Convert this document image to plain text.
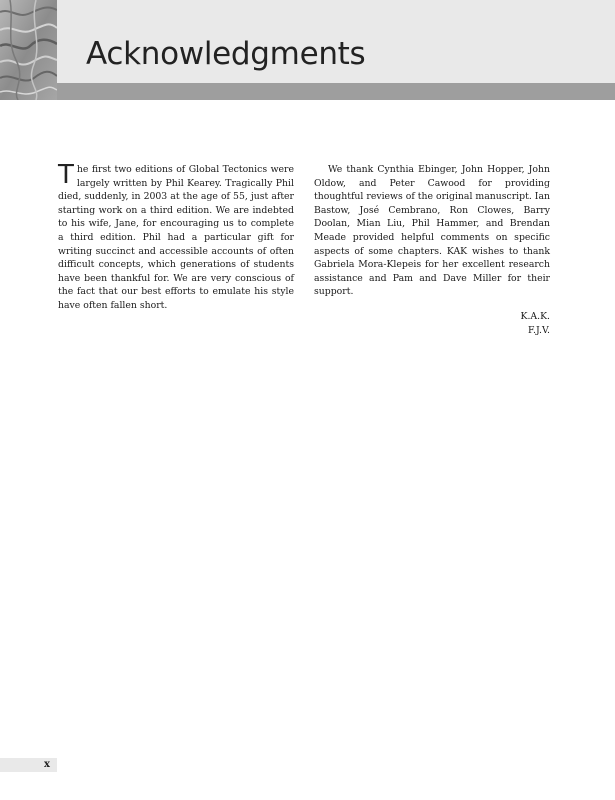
Acknowledgments

The first two editions of Global Tectonics were largely written by Phil Kearey. Tragically Phil died, suddenly, in 2003 at the age of 55, just after starting work on a third edition. We are indebted to his wife, Jane, for encouraging us to complete a third edition. Phil had a particular gift for writing succinct and accessible accounts of often difficult concepts, which generations of students have been thankful for. We are very conscious of the fact that our best efforts to emulate his style have often fallen short.

We thank Cynthia Ebinger, John Hopper, John Oldow, and Peter Cawood for providing thoughtful reviews of the original manuscript. Ian Bastow, José Cembrano, Ron Clowes, Barry Doolan, Mian Liu, Phil Hammer, and Brendan Meade provided helpful comments on specific aspects of some chapters. KAK wishes to thank Gabriela Mora-Klepeis for her excellent research assistance and Pam and Dave Miller for their support.

K.A.K.
F.J.V.
x
